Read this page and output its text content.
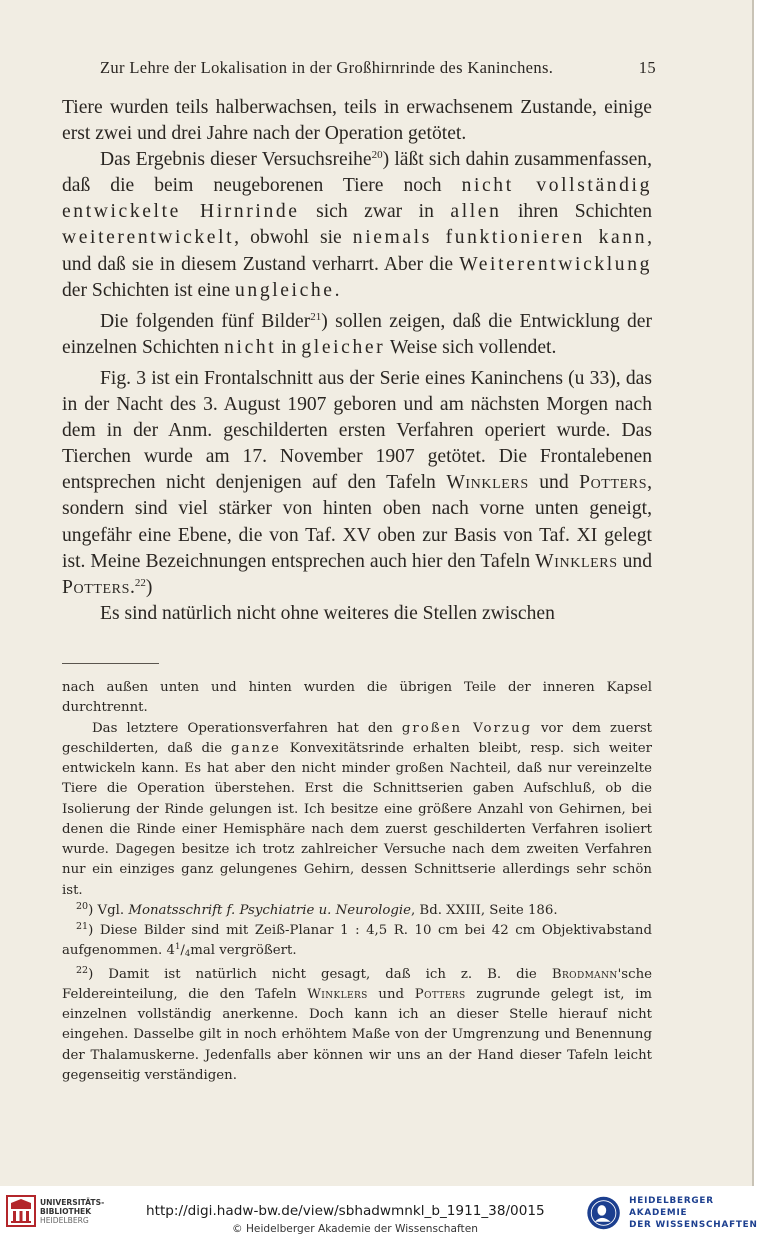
Zur Lehre der Lokalisation in der Großhirnrinde des Kaninchens.	15

Tiere wurden teils halberwachsen, teils in erwachsenem Zustande, einige erst zwei und drei Jahre nach der Operation getötet.

Das Ergebnis dieser Versuchsreihe$^{20}$) läßt sich dahin zusammenfassen, daß die beim neugeborenen Tiere noch nicht vollständig entwickelte Hirnrinde sich zwar in allen ihren Schichten weiterentwickelt, obwohl sie niemals funktionieren kann, und daß sie in diesem Zustand verharrt. Aber die Weiterentwicklung der Schichten ist eine ungleiche.

Die folgenden fünf Bilder$^{21}$) sollen zeigen, daß die Entwicklung der einzelnen Schichten nicht in gleicher Weise sich vollendet.

Fig. 3 ist ein Frontalschnitt aus der Serie eines Kaninchens (u 33), das in der Nacht des 3. August 1907 geboren und am nächsten Morgen nach dem in der Anm. geschilderten ersten Verfahren operiert wurde. Das Tierchen wurde am 17. November 1907 getötet. Die Frontalebenen entsprechen nicht denjenigen auf den Tafeln Winklers und Potters, sondern sind viel stärker von hinten oben nach vorne unten geneigt, ungefähr eine Ebene, die von Taf. XV oben zur Basis von Taf. XI gelegt ist. Meine Bezeichnungen entsprechen auch hier den Tafeln Winklers und Potters.$^{22}$)

Es sind natürlich nicht ohne weiteres die Stellen zwischen

nach außen unten und hinten wurden die übrigen Teile der inneren Kapsel durchtrennt.

Das letztere Operationsverfahren hat den großen Vorzug vor dem zuerst geschilderten, daß die ganze Konvexitätsrinde erhalten bleibt, resp. sich weiter entwickeln kann. Es hat aber den nicht minder großen Nachteil, daß nur vereinzelte Tiere die Operation überstehen. Erst die Schnittserien gaben Aufschluß, ob die Isolierung der Rinde gelungen ist. Ich besitze eine größere Anzahl von Gehirnen, bei denen die Rinde einer Hemisphäre nach dem zuerst geschilderten Verfahren isoliert wurde. Dagegen besitze ich trotz zahlreicher Versuche nach dem zweiten Verfahren nur ein einziges ganz gelungenes Gehirn, dessen Schnittserie allerdings sehr schön ist.

$^{20}$) Vgl. Monatsschrift f. Psychiatrie u. Neurologie, Bd. XXIII, Seite 186.

$^{21}$) Diese Bilder sind mit Zeiß-Planar 1 : 4,5 R. 10 cm bei 42 cm Objektivabstand aufgenommen. $4^1/_4mal$ vergrößert.

$^{22}$) Damit ist natürlich nicht gesagt, daß ich z. B. die Brodmann'sche Feldereinteilung, die den Tafeln Winklers und Potters zugrunde gelegt ist, im einzelnen vollständig anerkenne. Doch kann ich an dieser Stelle hierauf nicht eingehen. Dasselbe gilt in noch erhöhtem Maße von der Umgrenzung und Benennung der Thalamuskerne. Jedenfalls aber können wir uns an der Hand dieser Tafeln leicht gegenseitig verständigen.

UNIVERSITÄTS-
BIBLIOTHEK
HEIDELBERG
http://digi.hadw-bw.de/view/sbhadwmnkl_b_1911_38/0015
© Heidelberger Akademie der Wissenschaften
HEIDELBERGER AKADEMIE
DER WISSENSCHAFTEN
